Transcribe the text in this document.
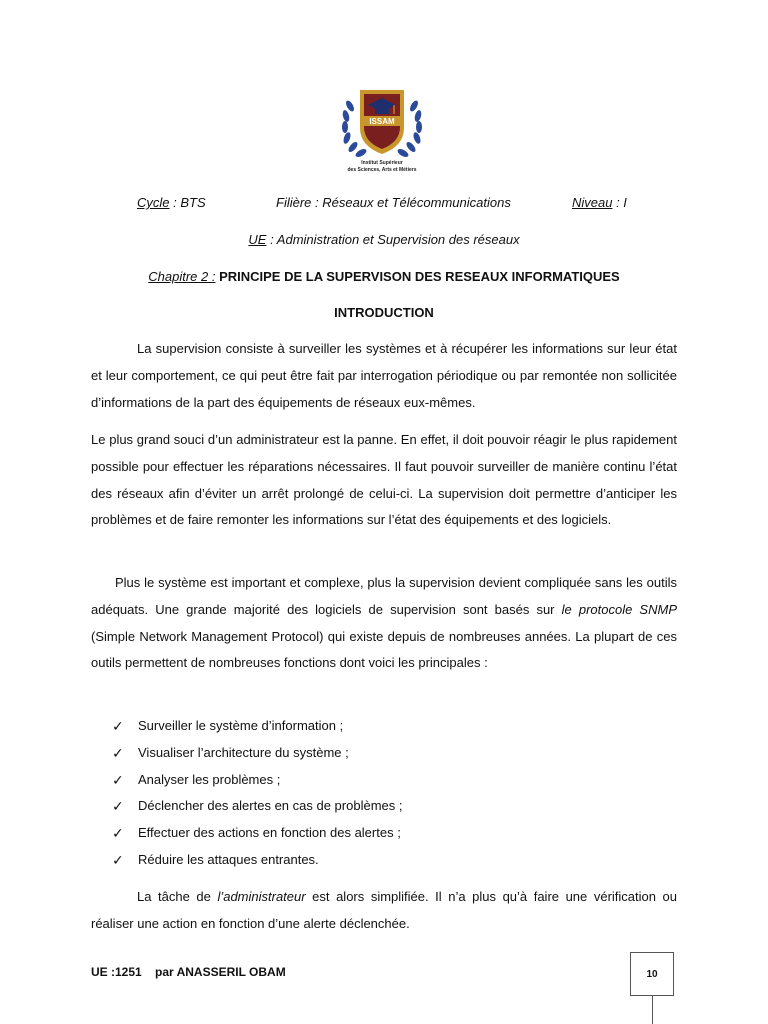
ISSAM
Institut Supérieur
des Sciences, Arts et Métiers
Cycle : BTS	Filière : Réseaux et Télécommunications	Niveau : I
UE : Administration et Supervision des réseaux
Chapitre 2 : PRINCIPE DE LA SUPERVISON DES RESEAUX INFORMATIQUES
INTRODUCTION

La supervision consiste à surveiller les systèmes et à récupérer les informations sur leur état et leur comportement, ce qui peut être fait par interrogation périodique ou par remontée non sollicitée d’informations de la part des équipements de réseaux eux-mêmes.

Le plus grand souci d’un administrateur est la panne. En effet, il doit pouvoir réagir le plus rapidement possible pour effectuer les réparations nécessaires. Il faut pouvoir surveiller de manière continu l’état des réseaux afin d’éviter un arrêt prolongé de celui-ci. La supervision doit permettre d’anticiper les problèmes et de faire remonter les informations sur l’état des équipements et des logiciels.

Plus le système est important et complexe, plus la supervision devient compliquée sans les outils adéquats. Une grande majorité des logiciels de supervision sont basés sur le protocole SNMP (Simple Network Management Protocol) qui existe depuis de nombreuses années. La plupart de ces outils permettent de nombreuses fonctions dont voici les principales :

✓ Surveiller le système d’information ;
✓ Visualiser l’architecture du système ;
✓ Analyser les problèmes ;
✓ Déclencher des alertes en cas de problèmes ;
✓ Effectuer des actions en fonction des alertes ;
✓ Réduire les attaques entrantes.

La tâche de l’administrateur est alors simplifiée. Il n’a plus qu’à faire une vérification ou réaliser une action en fonction d’une alerte déclenchée.

UE :1251    par ANASSERIL OBAM	10
